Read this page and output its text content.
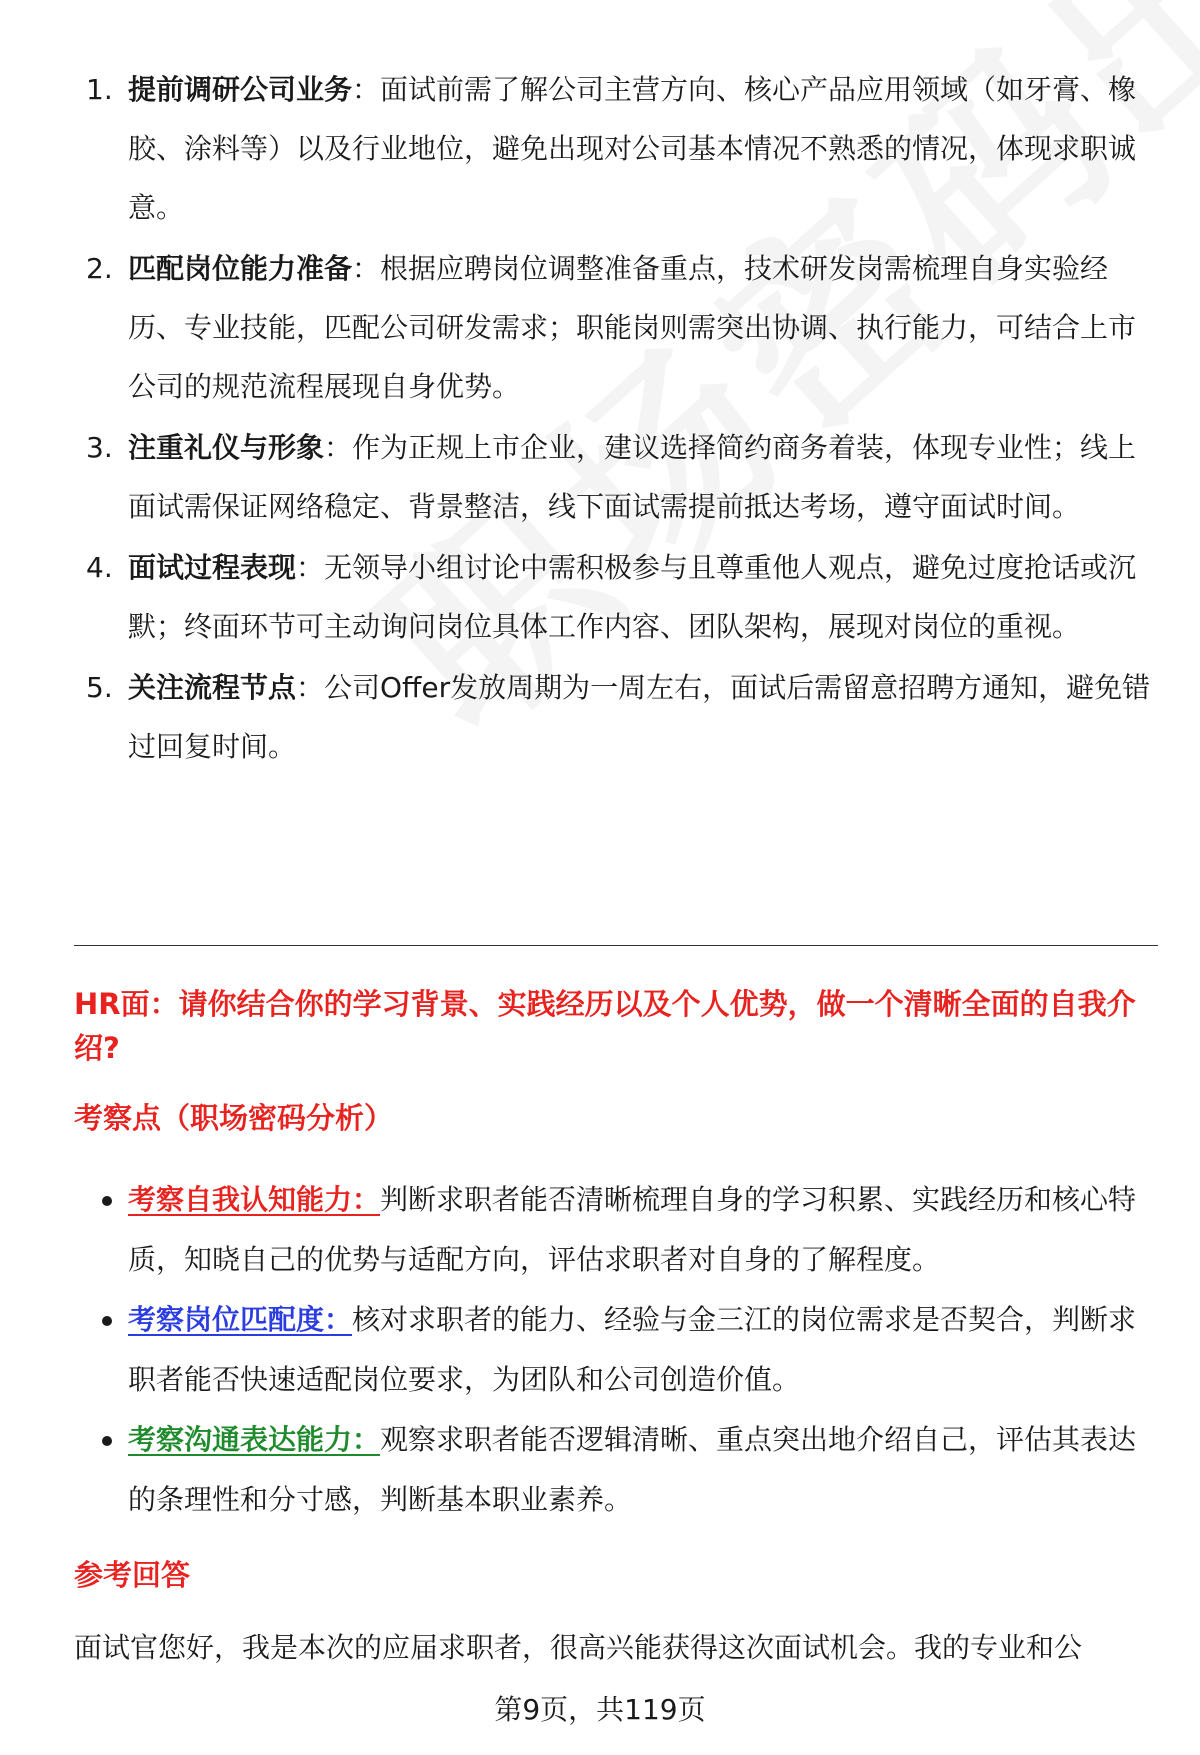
1. 提前调研公司业务：面试前需了解公司主营方向、核心产品应用领域（如牙膏、橡胶、涂料等）以及行业地位，避免出现对公司基本情况不熟悉的情况，体现求职诚意。
2. 匹配岗位能力准备：根据应聘岗位调整准备重点，技术研发岗需梳理自身实验经历、专业技能，匹配公司研发需求；职能岗则需突出协调、执行能力，可结合上市公司的规范流程展现自身优势。
3. 注重礼仪与形象：作为正规上市企业，建议选择简约商务着装，体现专业性；线上面试需保证网络稳定、背景整洁，线下面试需提前抵达考场，遵守面试时间。
4. 面试过程表现：无领导小组讨论中需积极参与且尊重他人观点，避免过度抢话或沉默；终面环节可主动询问岗位具体工作内容、团队架构，展现对岗位的重视。
5. 关注流程节点：公司Offer发放周期为一周左右，面试后需留意招聘方通知，避免错过回复时间。
HR面：请你结合你的学习背景、实践经历以及个人优势，做一个清晰全面的自我介绍?
考察点（职场密码分析）
考察自我认知能力：判断求职者能否清晰梳理自身的学习积累、实践经历和核心特质，知晓自己的优势与适配方向，评估求职者对自身的了解程度。
考察岗位匹配度：核对求职者的能力、经验与金三江的岗位需求是否契合，判断求职者能否快速适配岗位要求，为团队和公司创造价值。
考察沟通表达能力：观察求职者能否逻辑清晰、重点突出地介绍自己，评估其表达的条理性和分寸感，判断基本职业素养。
参考回答
面试官您好，我是本次的应届求职者，很高兴能获得这次面试机会。我的专业和公
第9页，共119页
